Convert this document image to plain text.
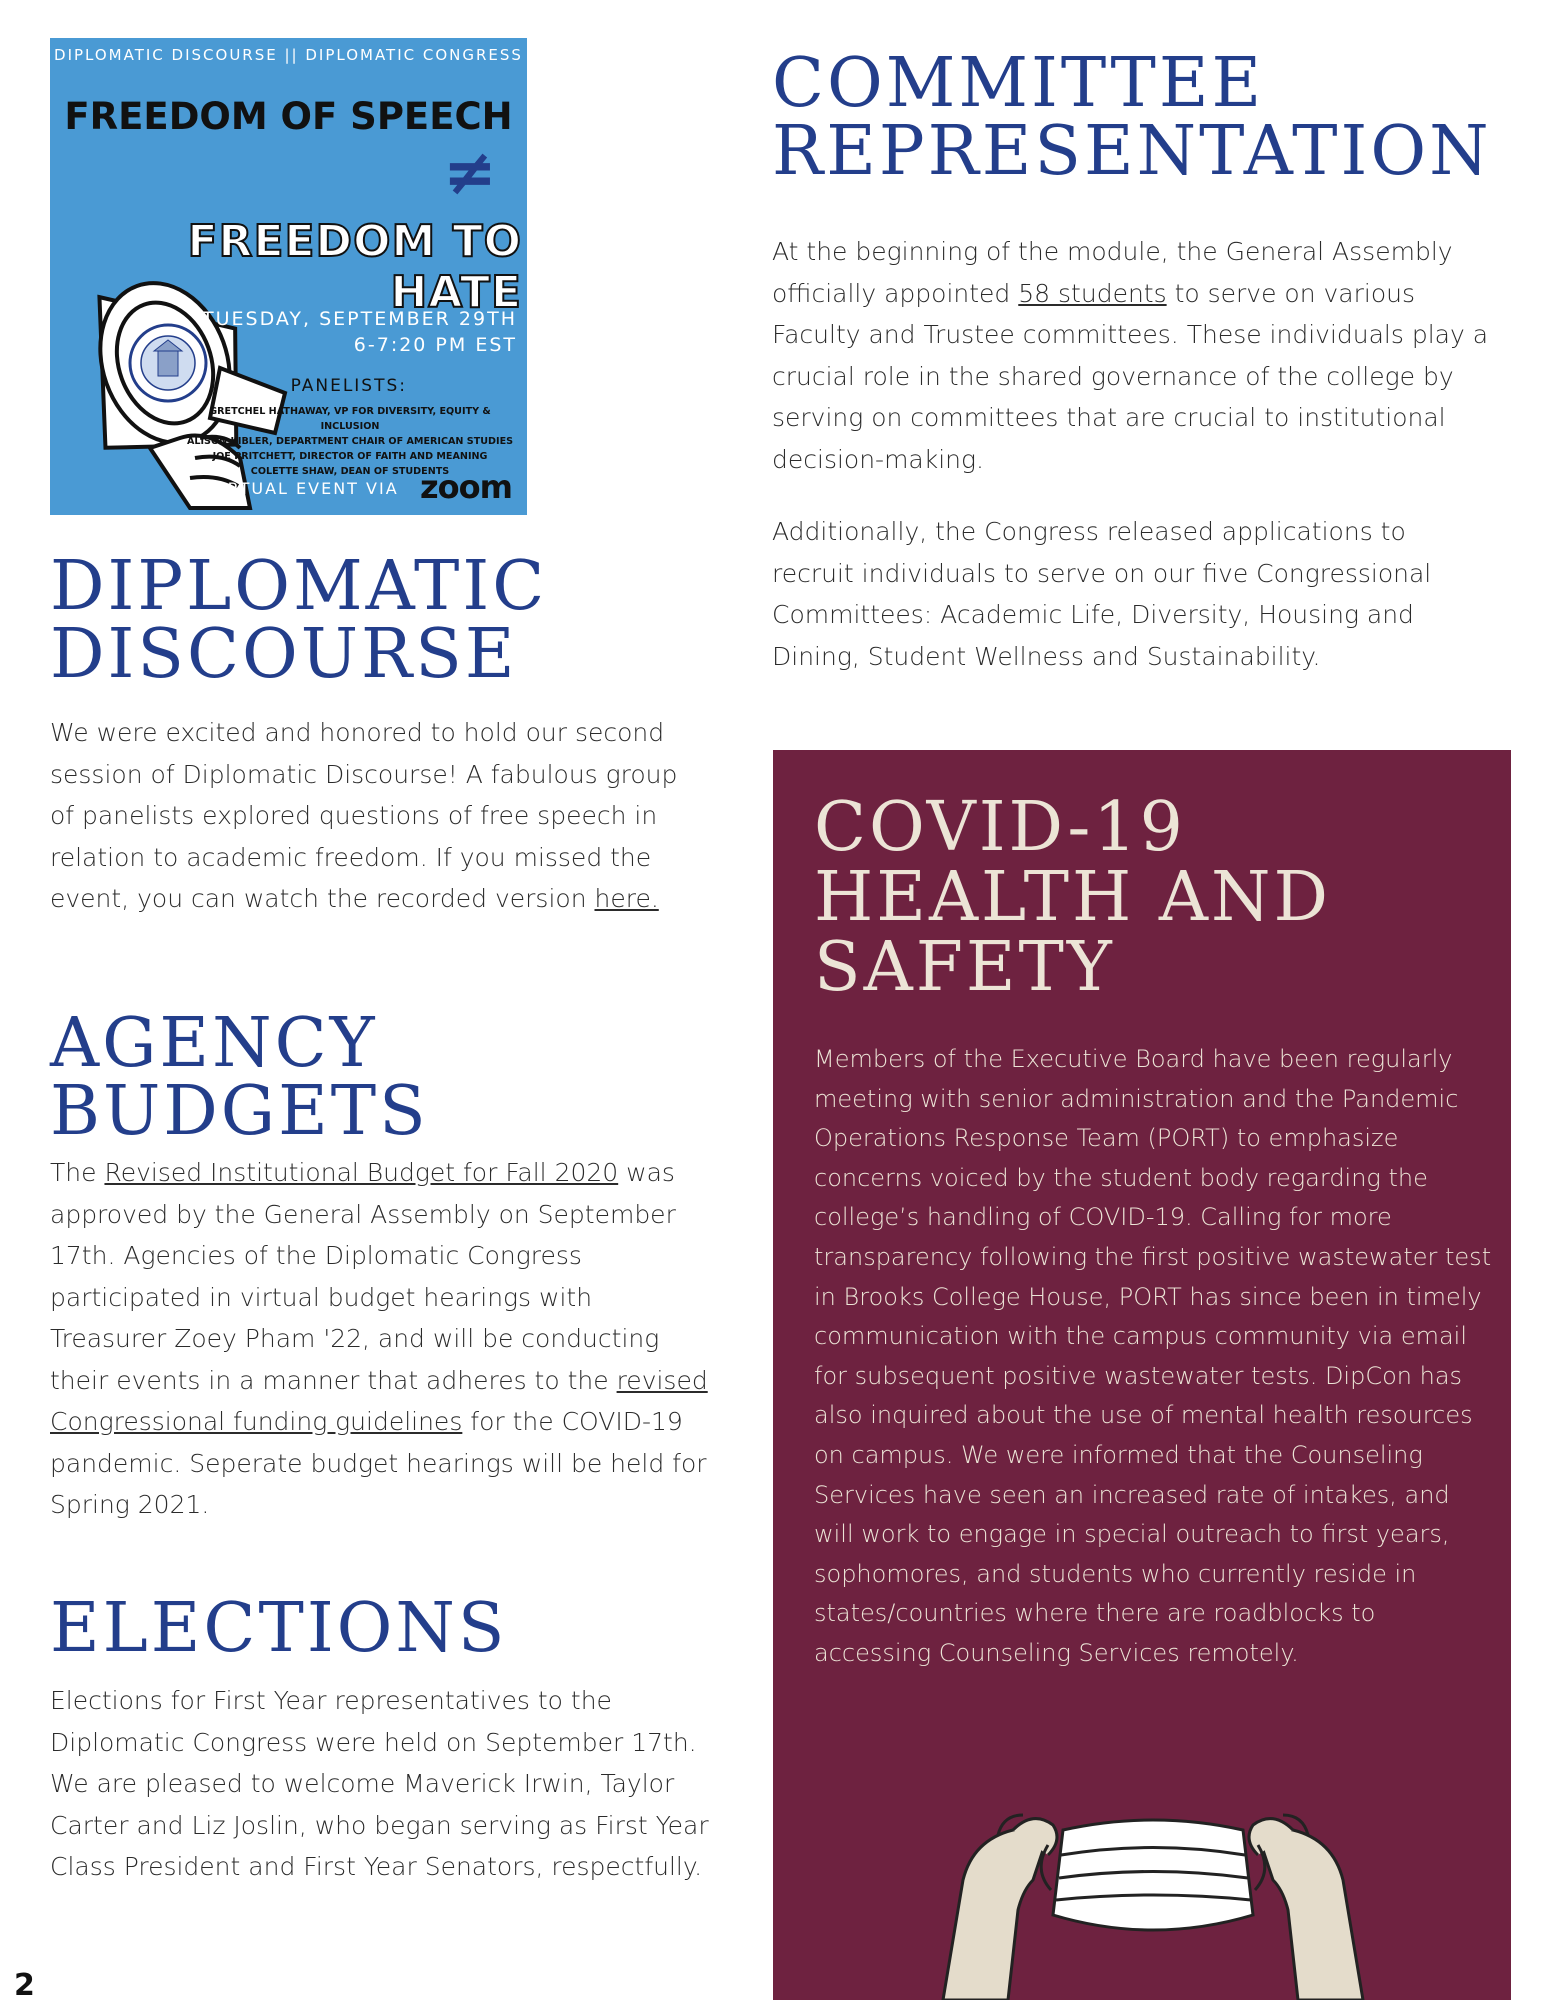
DIPLOMATIC DISCOURSE || DIPLOMATIC CONGRESS
FREEDOM OF SPEECH
≠
FREEDOM TO HATE
TUESDAY, SEPTEMBER 29TH
6-7:20 PM EST
PANELISTS:
GRETCHEL HATHAWAY, VP FOR DIVERSITY, EQUITY & INCLUSION
ALISON KIBLER, DEPARTMENT CHAIR OF AMERICAN STUDIES
JOE PRITCHETT, DIRECTOR OF FAITH AND MEANING
COLETTE SHAW, DEAN OF STUDENTS
VIRTUAL EVENT VIA zoom
DIPLOMATIC
DISCOURSE

We were excited and honored to hold our second session of Diplomatic Discourse! A fabulous group of panelists explored questions of free speech in relation to academic freedom. If you missed the event, you can watch the recorded version here.

AGENCY
BUDGETS

The Revised Institutional Budget for Fall 2020 was approved by the General Assembly on September 17th. Agencies of the Diplomatic Congress participated in virtual budget hearings with Treasurer Zoey Pham '22, and will be conducting their events in a manner that adheres to the revised Congressional funding guidelines for the COVID-19 pandemic. Seperate budget hearings will be held for Spring 2021.

ELECTIONS

Elections for First Year representatives to the Diplomatic Congress were held on September 17th. We are pleased to welcome Maverick Irwin, Taylor Carter and Liz Joslin, who began serving as First Year Class President and First Year Senators, respectfully.

COMMITTEE
REPRESENTATION

At the beginning of the module, the General Assembly officially appointed 58 students to serve on various Faculty and Trustee committees. These individuals play a crucial role in the shared governance of the college by serving on committees that are crucial to institutional decision-making.

Additionally, the Congress released applications to recruit individuals to serve on our five Congressional Committees: Academic Life, Diversity, Housing and Dining, Student Wellness and Sustainability.

COVID-19
HEALTH AND
SAFETY

Members of the Executive Board have been regularly meeting with senior administration and the Pandemic Operations Response Team (PORT) to emphasize concerns voiced by the student body regarding the college’s handling of COVID-19. Calling for more transparency following the first positive wastewater test in Brooks College House, PORT has since been in timely communication with the campus community via email for subsequent positive wastewater tests. DipCon has also inquired about the use of mental health resources on campus. We were informed that the Counseling Services have seen an increased rate of intakes, and will work to engage in special outreach to first years, sophomores, and students who currently reside in states/countries where there are roadblocks to accessing Counseling Services remotely.

2
